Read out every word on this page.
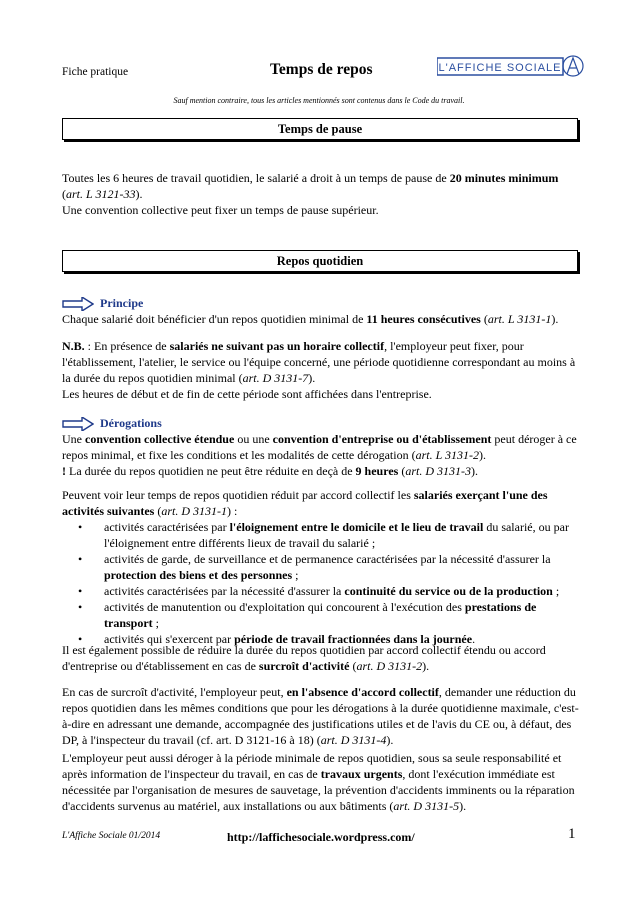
Fiche pratique	Temps de repos	L'AFFICHE SOCIALE
Sauf mention contraire, tous les articles mentionnés sont contenus dans le Code du travail.
Temps de pause

Toutes les 6 heures de travail quotidien, le salarié a droit à un temps de pause de 20 minutes minimum (art. L 3121-33).

Une convention collective peut fixer un temps de pause supérieur.

Repos quotidien
Principe

Chaque salarié doit bénéficier d'un repos quotidien minimal de 11 heures consécutives (art. L 3131-1).

N.B. : En présence de salariés ne suivant pas un horaire collectif, l'employeur peut fixer, pour l'établissement, l'atelier, le service ou l'équipe concerné, une période quotidienne correspondant au moins à la durée du repos quotidien minimal (art. D 3131-7).

Les heures de début et de fin de cette période sont affichées dans l'entreprise.

Dérogations

Une convention collective étendue ou une convention d'entreprise ou d'établissement peut déroger à ce repos minimal, et fixe les conditions et les modalités de cette dérogation (art. L 3131-2).

! La durée du repos quotidien ne peut être réduite en deçà de 9 heures (art. D 3131-3).

Peuvent voir leur temps de repos quotidien réduit par accord collectif les salariés exerçant l'une des activités suivantes (art. D 3131-1) :

• activités caractérisées par l'éloignement entre le domicile et le lieu de travail du salarié, ou par l'éloignement entre différents lieux de travail du salarié ;
• activités de garde, de surveillance et de permanence caractérisées par la nécessité d'assurer la protection des biens et des personnes ;
• activités caractérisées par la nécessité d'assurer la continuité du service ou de la production ;
• activités de manutention ou d'exploitation qui concourent à l'exécution des prestations de transport ;
• activités qui s'exercent par période de travail fractionnées dans la journée.

Il est également possible de réduire la durée du repos quotidien par accord collectif étendu ou accord d'entreprise ou d'établissement en cas de surcroît d'activité (art. D 3131-2).

En cas de surcroît d'activité, l'employeur peut, en l'absence d'accord collectif, demander une réduction du repos quotidien dans les mêmes conditions que pour les dérogations à la durée quotidienne maximale, c'est-à-dire en adressant une demande, accompagnée des justifications utiles et de l'avis du CE ou, à défaut, des DP, à l'inspecteur du travail (cf. art. D 3121-16 à 18) (art. D 3131-4).

L'employeur peut aussi déroger à la période minimale de repos quotidien, sous sa seule responsabilité et après information de l'inspecteur du travail, en cas de travaux urgents, dont l'exécution immédiate est nécessitée par l'organisation de mesures de sauvetage, la prévention d'accidents imminents ou la réparation d'accidents survenus au matériel, aux installations ou aux bâtiments (art. D 3131-5).

L'Affiche Sociale 01/2014	http://laffichesociale.wordpress.com/	1
